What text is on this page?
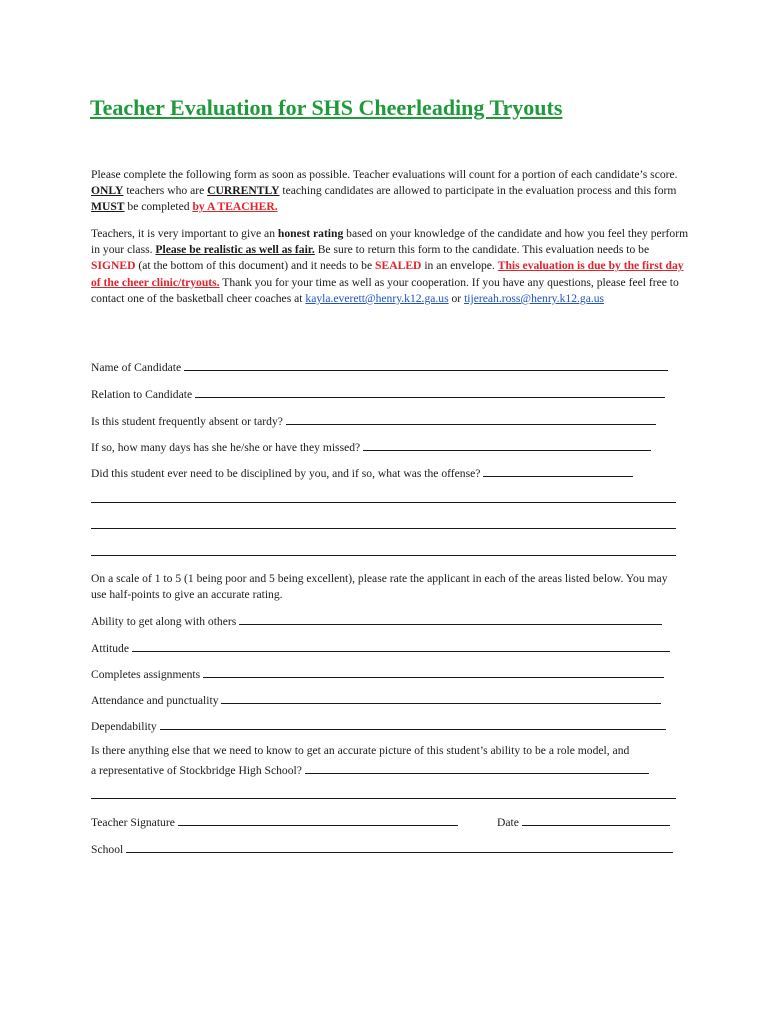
Teacher Evaluation for SHS Cheerleading Tryouts

Please complete the following form as soon as possible. Teacher evaluations will count for a portion of each candidate’s score. ONLY teachers who are CURRENTLY teaching candidates are allowed to participate in the evaluation process and this form MUST be completed by A TEACHER.

Teachers, it is very important to give an honest rating based on your knowledge of the candidate and how you feel they perform in your class. Please be realistic as well as fair. Be sure to return this form to the candidate. This evaluation needs to be SIGNED (at the bottom of this document) and it needs to be SEALED in an envelope. This evaluation is due by the first day of the cheer clinic/tryouts. Thank you for your time as well as your cooperation. If you have any questions, please feel free to contact one of the basketball cheer coaches at kayla.everett@henry.k12.ga.us or tijereah.ross@henry.k12.ga.us

Name of Candidate
Relation to Candidate
Is this student frequently absent or tardy?
If so, how many days has she he/she or have they missed?
Did this student ever need to be disciplined by you, and if so, what was the offense?
On a scale of 1 to 5 (1 being poor and 5 being excellent), please rate the applicant in each of the areas listed below. You may use half-points to give an accurate rating.
Ability to get along with others
Attitude
Completes assignments
Attendance and punctuality
Dependability
Is there anything else that we need to know to get an accurate picture of this student’s ability to be a role model, and
a representative of Stockbridge High School?
Teacher Signature	Date
School
